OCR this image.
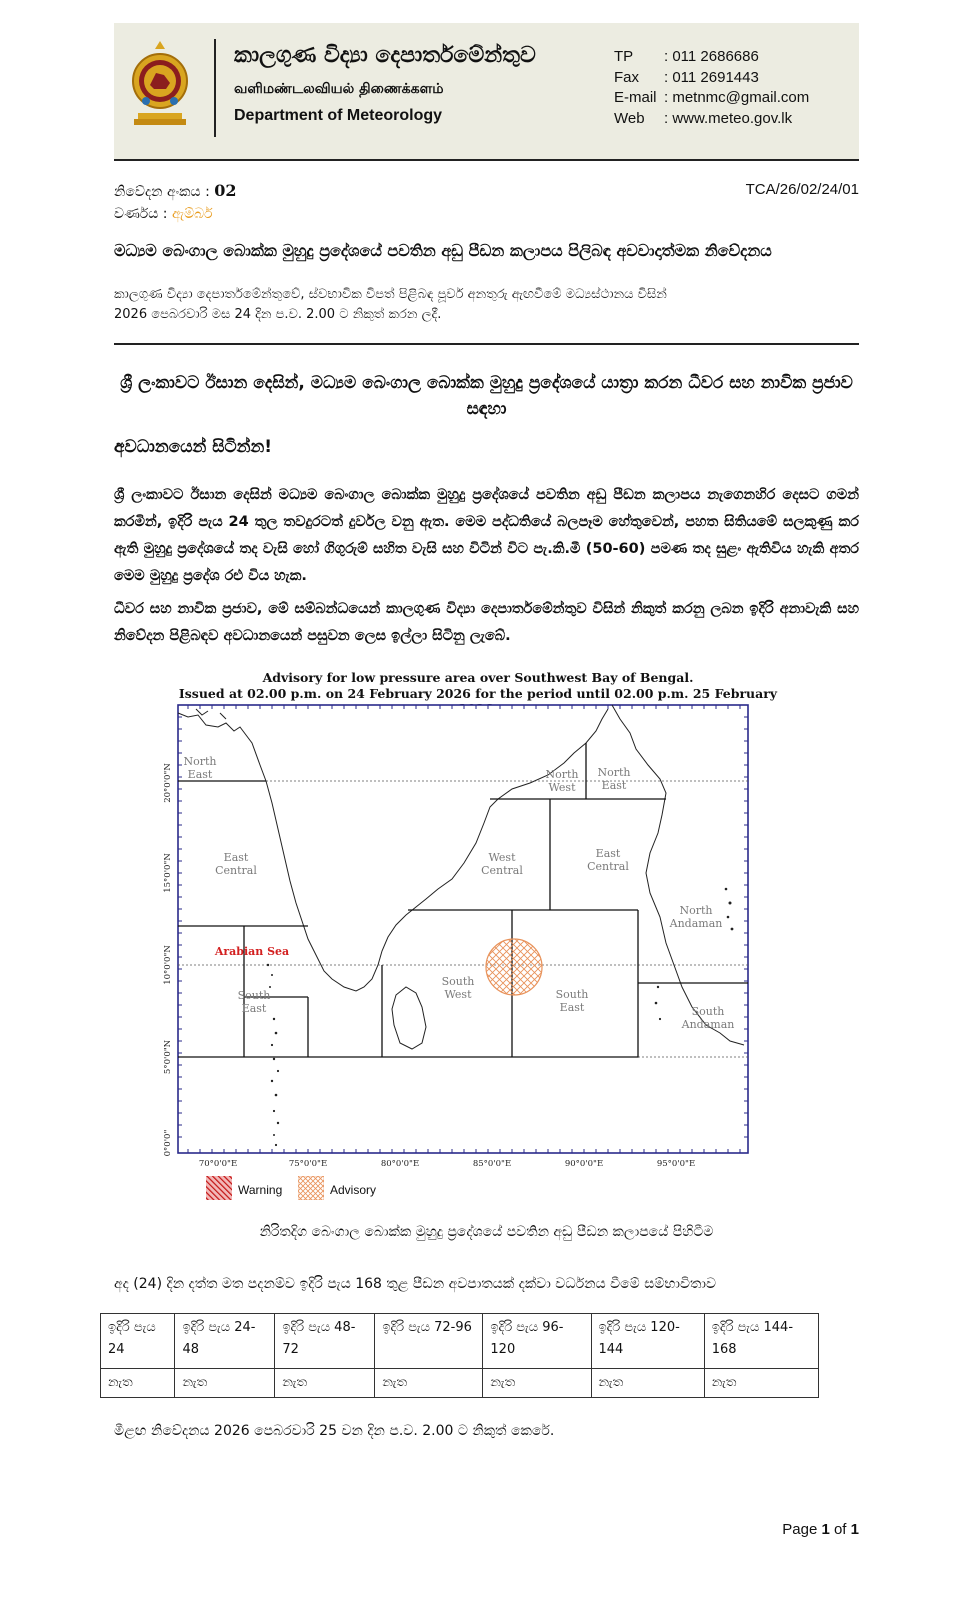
කාලගුණ විද්‍යා දෙපාර්තමේන්තුව
வளிமண்டலவியல் திணைக்களம்
Department of Meteorology
TP	: 011 2686686
Fax	: 011 2691443
E-mail : metnmc@gmail.com
Web	: www.meteo.gov.lk
නිවේදන අංකය : 02
වර්ණය : ඇම්බර්
TCA/26/02/24/01
මධ්‍යම බෙංගාල බොක්ක මුහුදු ප්‍රදේශයේ පවතින අඩු පීඩන කලාපය පිලිබඳ අවවාදාත්මක නිවේදනය
කාලගුණ විද්‍යා දෙපාර්තමේන්තුවේ, ස්වභාවික විපත් පිළිබඳ පූර්ව අනතුරු ඇඟවීමේ මධ්‍යස්ථානය විසින්
2026 පෙබරවාරි මස 24 දින ප.ව. 2.00 ට නිකුත් කරන ලදී.
ශ්‍රී ලංකාවට ඊසාන දෙසින්, මධ්‍යම බෙංගාල බොක්ක මුහුදු ප්‍රදේශයේ යාත්‍රා කරන ධීවර සහ නාවික ප්‍රජාව සඳහා
අවධානයෙන් සිටින්න!
ශ්‍රී ලංකාවට ඊසාන දෙසින් මධ්‍යම බෙංගාල බොක්ක මුහුදු ප්‍රදේශයේ පවතින අඩු පීඩන කලාපය නැගෙනහිර දෙසට ගමන් කරමින්, ඉදිරි පැය 24 තුල තවදුරටත් දුර්වල වනු ඇත. මෙම පද්ධතියේ බලපෑම හේතුවෙන්, පහත සිතියමේ සලකුණු කර ඇති මුහුදු ප්‍රදේශයේ තද වැසි හෝ ගිගුරුම් සහිත වැසි සහ විටින් විට පැ.කි.මී (50-60) පමණ තද සුළං ඇතිවිය හැකි අතර මෙම මුහුදු ප්‍රදේශ රළු විය හැක.
ධීවර සහ නාවික ප්‍රජාව, මේ සම්බන්ධයෙන් කාලගුණ විද්‍යා දෙපාර්තමේන්තුව විසින් නිකුත් කරනු ලබන ඉදිරි අනාවැකි සහ නිවේදන පිළිබඳව අවධානයෙන් පසුවන ලෙස ඉල්ලා සිටිනු ලැබේ.
Advisory for low pressure area over Southwest Bay of Bengal.
Issued at 02.00 p.m. on 24 February 2026 for the period until 02.00 p.m. 25 February
North East
East Central
South East
North West
North East
West Central
East Central
North Andaman
South West	South East	South Andaman
Arabian Sea
70°0'0"E	75°0'0"E	80°0'0"E	85°0'0"E	90°0'0"E	95°0'0"E
20°0'0"N
15°0'0"N
10°0'0"N
5°0'0"N
0°0'0"
Warning	Advisory
නිරිතදිග බෙංගාල බොක්ක මුහුදු ප්‍රදේශයේ පවතින අඩු පීඩන කලාපයේ පිහිටීම
අද (24) දින දත්ත මත පදනම්ව ඉදිරි පැය 168 තුළ පීඩන අවපාතයක් දක්වා වර්ධනය වීමේ සම්භාවිතාව
ඉදිරි පැය 24	ඉදිරි පැය 24-48	ඉදිරි පැය 48-72	ඉදිරි පැය 72-96	ඉදිරි පැය 96-120	ඉදිරි පැය 120-144	ඉදිරි පැය 144-168
නැත	නැත	නැත	නැත	නැත	නැත	නැත
මීළඟ නිවේදනය 2026 පෙබරවාරි 25 වන දින ප.ව. 2.00 ට නිකුත් කෙරේ.
Page 1 of 1
